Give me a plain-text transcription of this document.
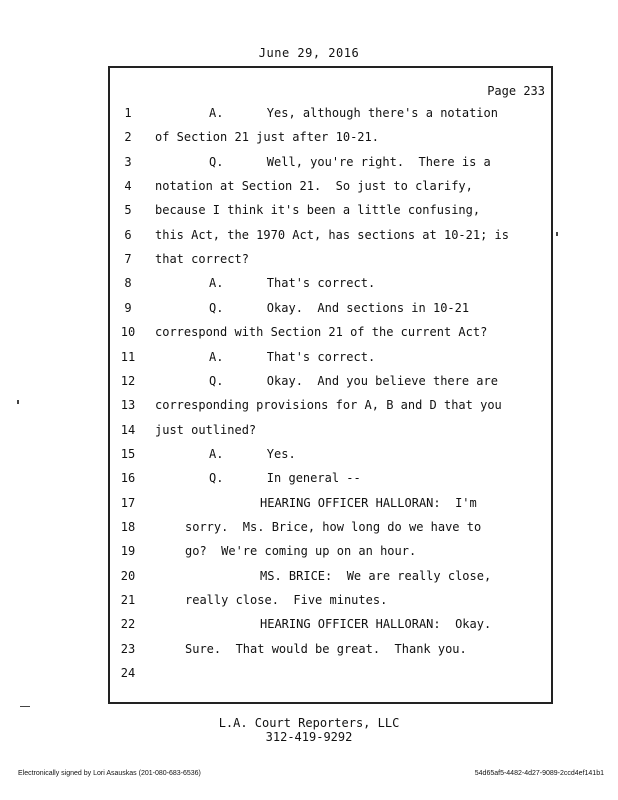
June 29, 2016
Page 233
1	A.      Yes, although there's a notation
2	of Section 21 just after 10-21.
3	Q.      Well, you're right.  There is a
4	notation at Section 21.  So just to clarify,
5	because I think it's been a little confusing,
6	this Act, the 1970 Act, has sections at 10-21; is
7	that correct?
8	A.      That's correct.
9	Q.      Okay.  And sections in 10-21
10	correspond with Section 21 of the current Act?
11	A.      That's correct.
12	Q.      Okay.  And you believe there are
13	corresponding provisions for A, B and D that you
14	just outlined?
15	A.      Yes.
16	Q.      In general --
17	HEARING OFFICER HALLORAN:  I'm
18	sorry.  Ms. Brice, how long do we have to
19	go?  We're coming up on an hour.
20	MS. BRICE:  We are really close,
21	really close.  Five minutes.
22	HEARING OFFICER HALLORAN:  Okay.
23	Sure.  That would be great.  Thank you.
24
L.A. Court Reporters, LLC
312-419-9292
Electronically signed by Lori Asauskas (201-080-683-6536)	54d65af5-4482-4d27-9089-2ccd4ef141b1
